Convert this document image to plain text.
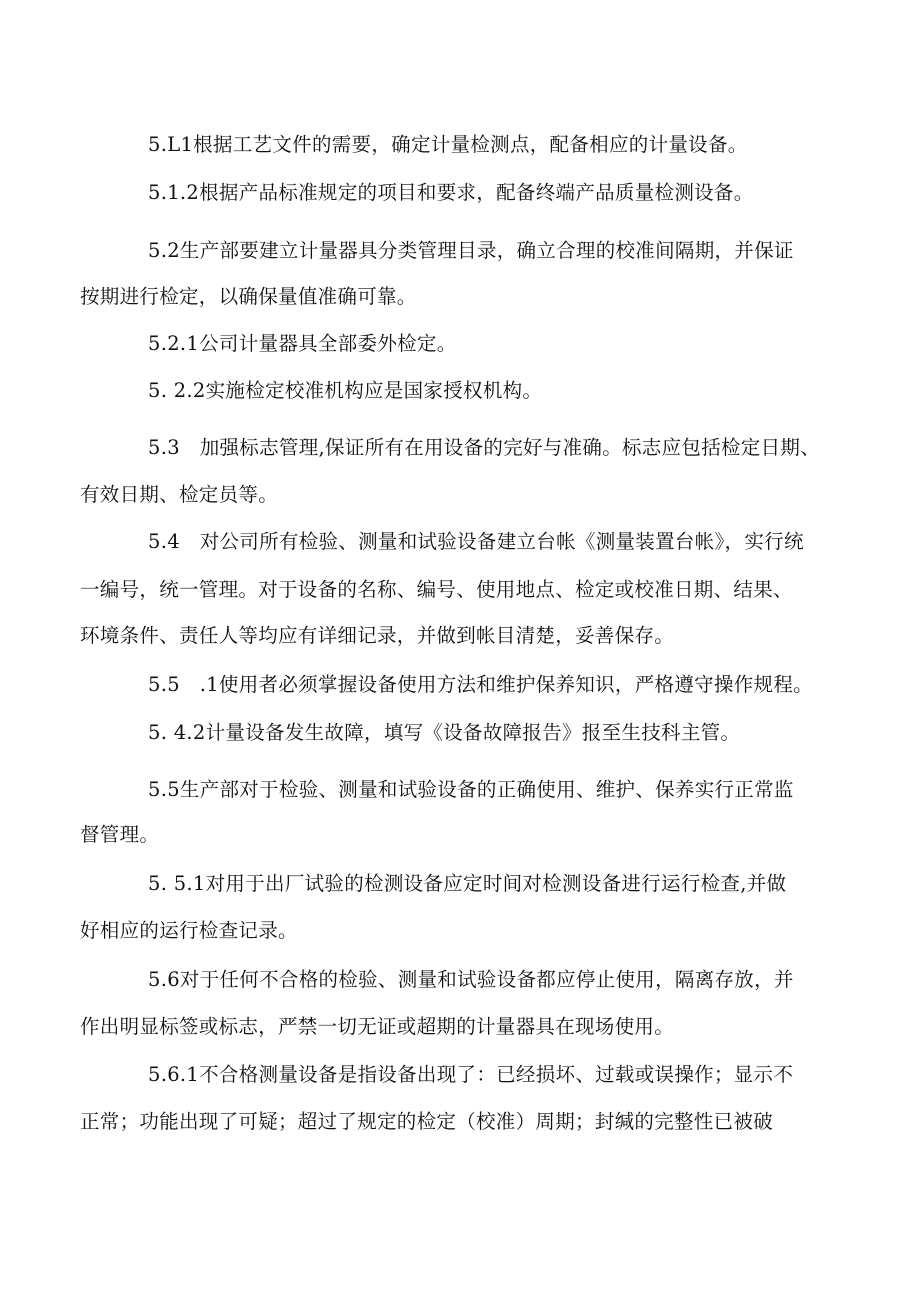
5.L1根据工艺文件的需要，确定计量检测点，配备相应的计量设备。

5.1.2根据产品标准规定的项目和要求，配备终端产品质量检测设备。

5.2生产部要建立计量器具分类管理目录，确立合理的校准间隔期，并保证

按期进行检定，以确保量值准确可靠。

5.2.1公司计量器具全部委外检定。

5. 2.2实施检定校准机构应是国家授权机构。

5.3　加强标志管理,保证所有在用设备的完好与准确。标志应包括检定日期、

有效日期、检定员等。

5.4　对公司所有检验、测量和试验设备建立台帐《测量装置台帐》，实行统

一编号，统一管理。对于设备的名称、编号、使用地点、检定或校准日期、结果、

环境条件、责任人等均应有详细记录，并做到帐目清楚，妥善保存。

5.5　.1使用者必须掌握设备使用方法和维护保养知识，严格遵守操作规程。

5. 4.2计量设备发生故障，填写《设备故障报告》报至生技科主管。

5.5生产部对于检验、测量和试验设备的正确使用、维护、保养实行正常监

督管理。

5. 5.1对用于出厂试验的检测设备应定时间对检测设备进行运行检查,并做

好相应的运行检查记录。

5.6对于任何不合格的检验、测量和试验设备都应停止使用，隔离存放，并

作出明显标签或标志，严禁一切无证或超期的计量器具在现场使用。

5.6.1不合格测量设备是指设备出现了：已经损坏、过载或误操作；显示不

正常；功能出现了可疑；超过了规定的检定（校准）周期；封缄的完整性已被破
